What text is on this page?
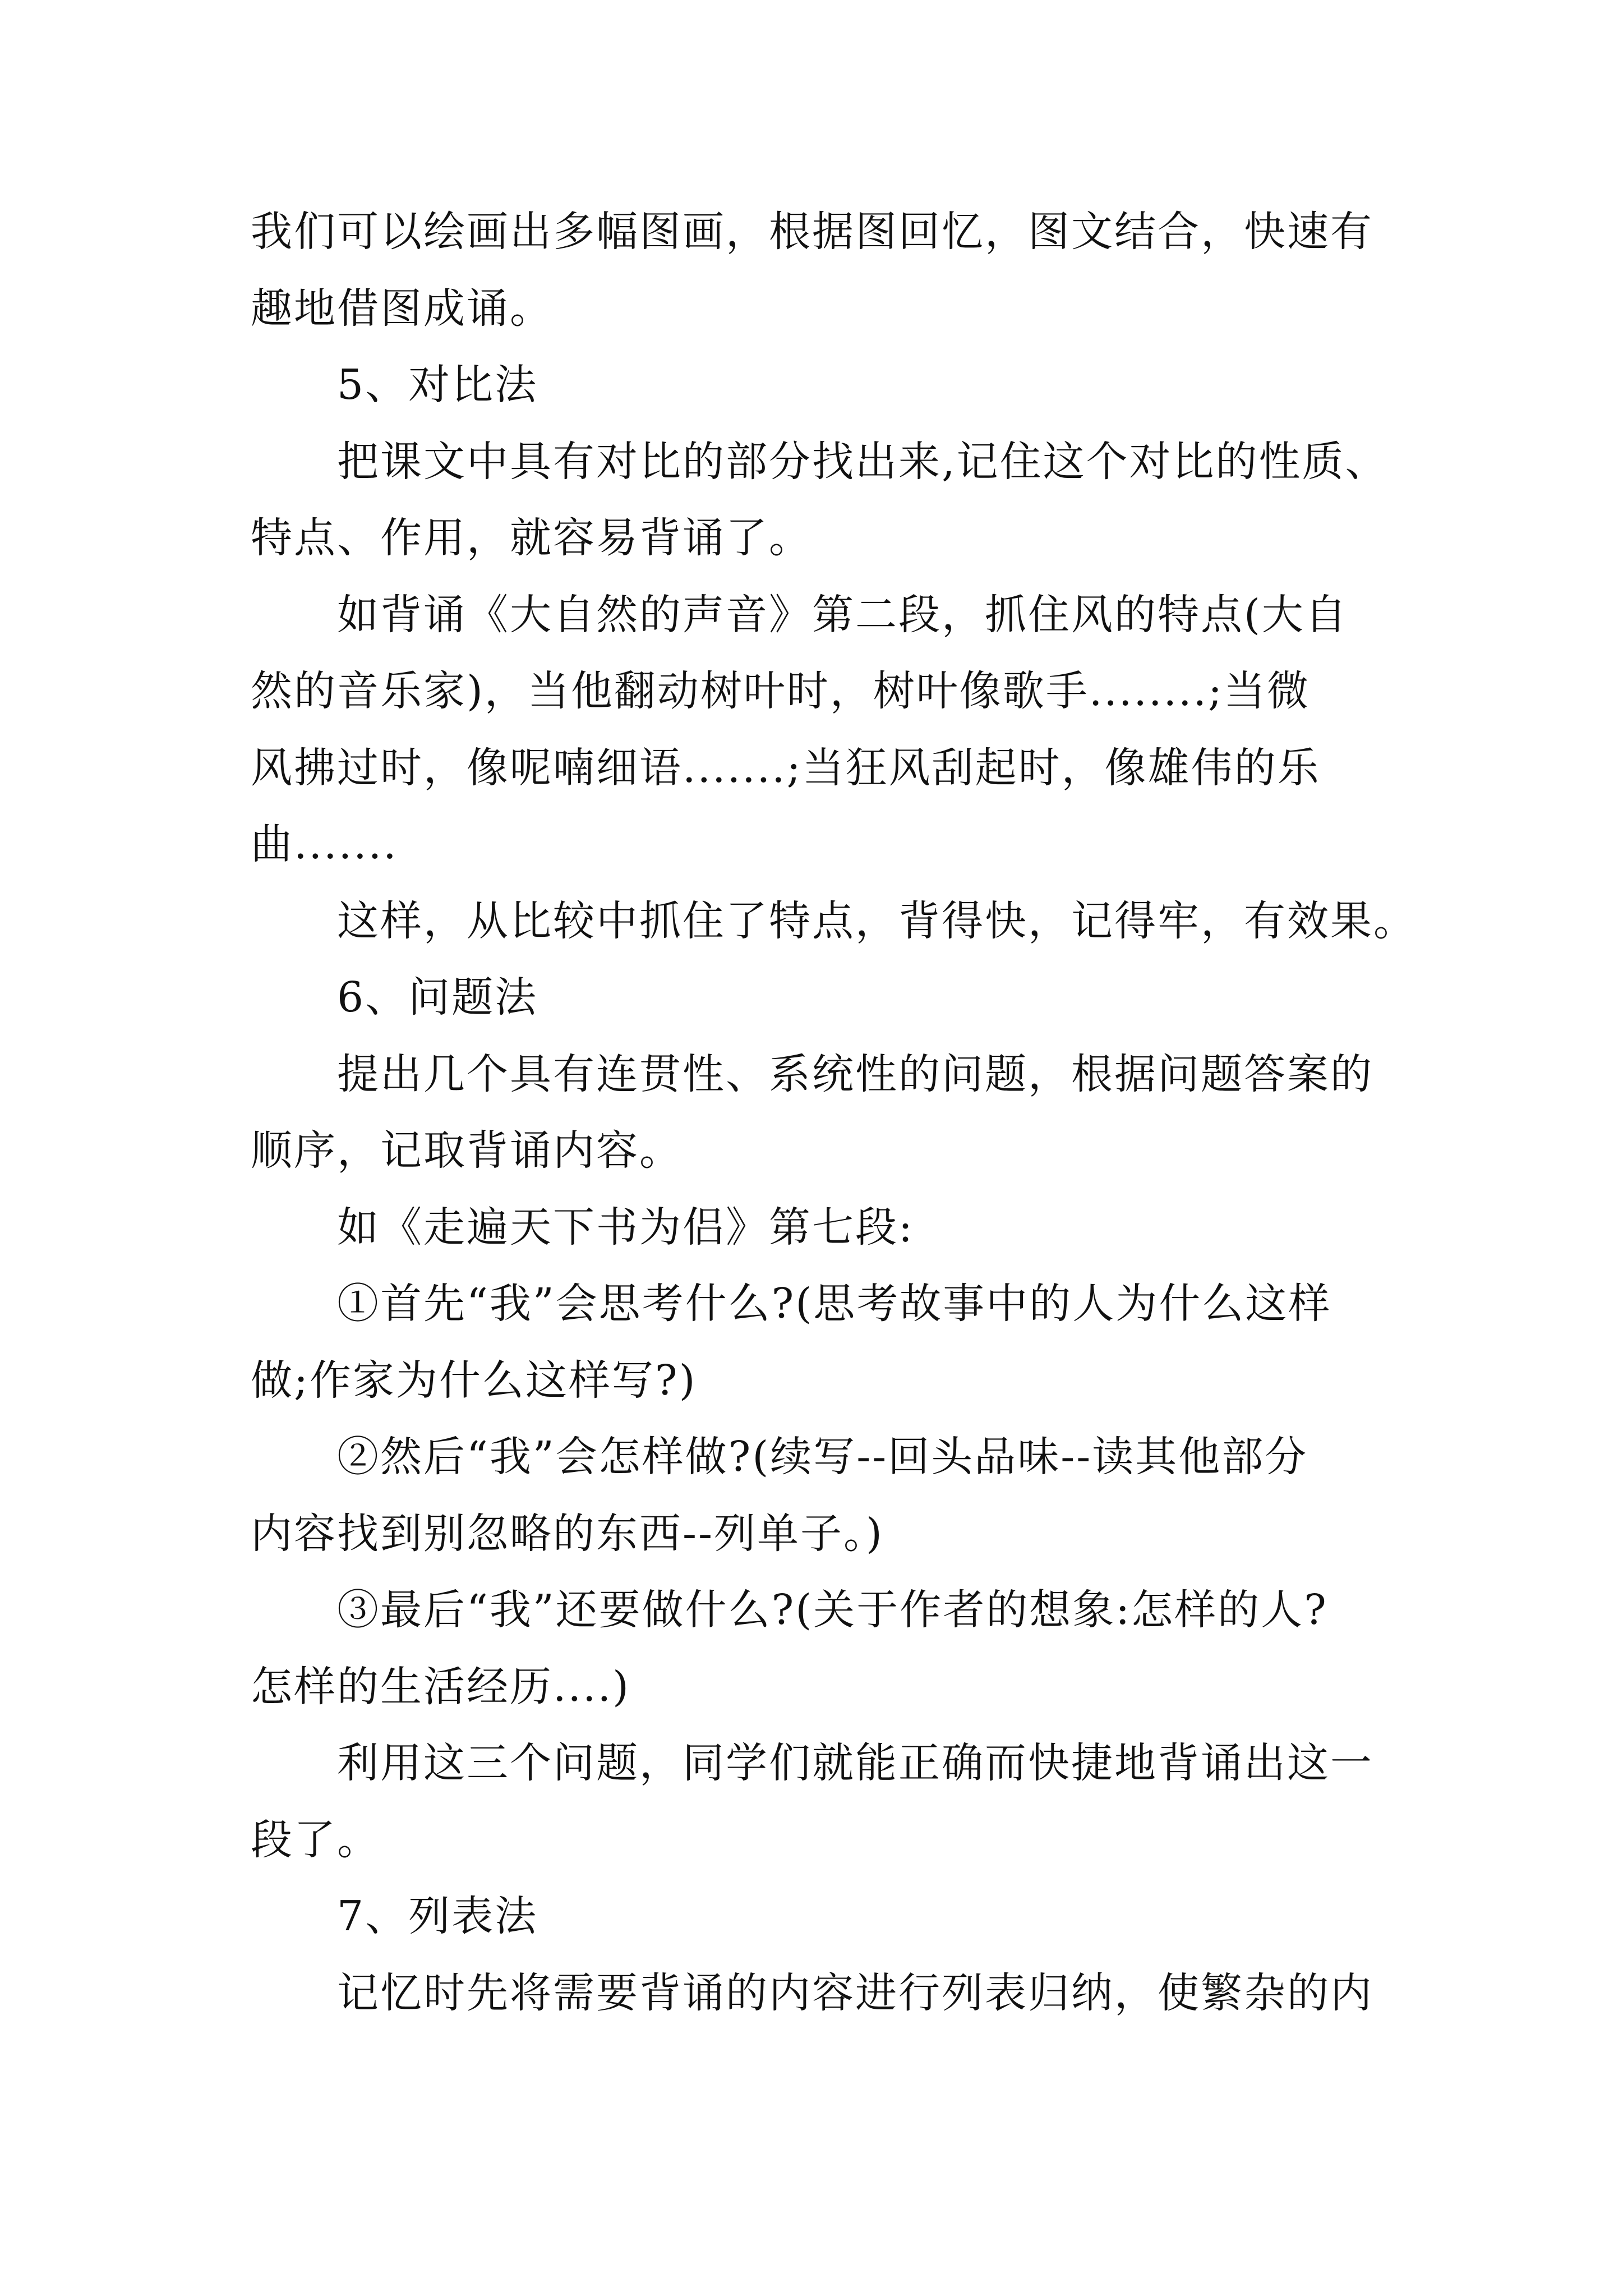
我们可以绘画出多幅图画，根据图回忆，图文结合，快速有
趣地借图成诵。
5、对比法
把课文中具有对比的部分找出来,记住这个对比的性质、
特点、作用，就容易背诵了。
如背诵《大自然的声音》第二段，抓住风的特点(大自
然的音乐家)，当他翻动树叶时，树叶像歌手........;当微
风拂过时，像呢喃细语.......;当狂风刮起时，像雄伟的乐
曲.......
这样，从比较中抓住了特点，背得快，记得牢，有效果。
6、问题法
提出几个具有连贯性、系统性的问题，根据问题答案的
顺序，记取背诵内容。
如《走遍天下书为侣》第七段:
①首先“我”会思考什么?(思考故事中的人为什么这样
做;作家为什么这样写?)
②然后“我”会怎样做?(续写--回头品味--读其他部分
内容找到别忽略的东西--列单子。)
③最后“我”还要做什么?(关于作者的想象:怎样的人?
怎样的生活经历....)
利用这三个问题，同学们就能正确而快捷地背诵出这一
段了。
7、列表法
记忆时先将需要背诵的内容进行列表归纳，使繁杂的内
